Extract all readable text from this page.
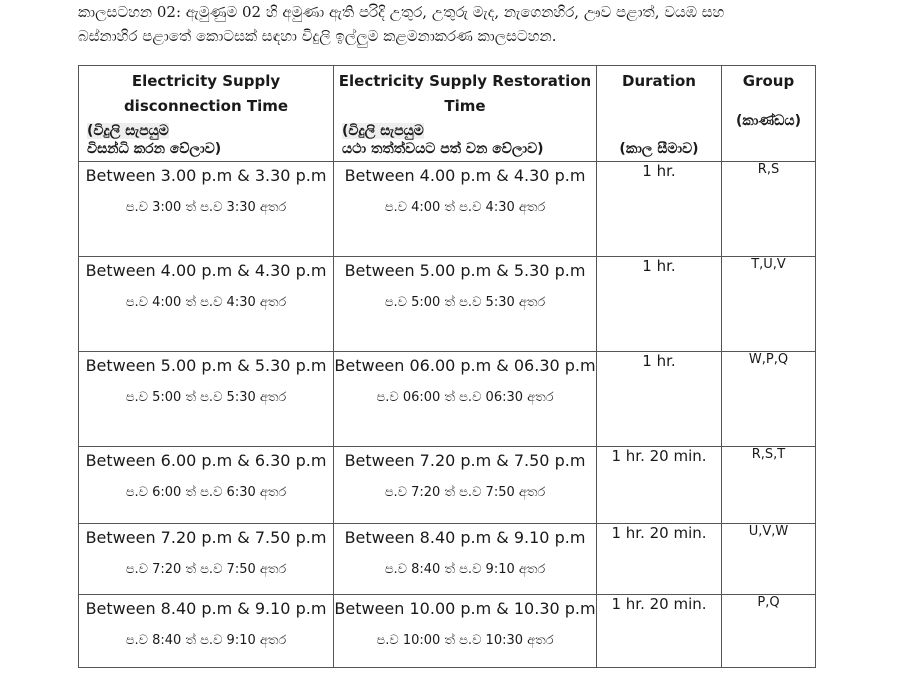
කාලසටහන 02: ඇමුණුම 02 හි අමුණා ඇති පරිදි උතුර, උතුරු මැද, නැගෙනහිර, ඌව පළාත්, වයඹ සහ

බස්නාහිර පළාතේ කොටසක් සඳහා විදුලි ඉල්ලුම කළමනාකරණ කාලසටහන.

Electricity Supply disconnection Time
(විදුලි සැපයුම
විසන්ධි කරන වේලාව)	Electricity Supply Restoration Time
(විදුලි සැපයුම
යථා තත්ත්වයට පත් වන වේලාව)	Duration
(කාල සීමාව)	Group
(කාණ්ඩය)

Between 3.00 p.m & 3.30 p.m
ප.ව 3:00 ත් ප.ව 3:30 අතර	Between 4.00 p.m & 4.30 p.m
ප.ව 4:00 ත් ප.ව 4:30 අතර	1 hr.	R,S

Between 4.00 p.m & 4.30 p.m
ප.ව 4:00 ත් ප.ව 4:30 අතර	Between 5.00 p.m & 5.30 p.m
ප.ව 5:00 ත් ප.ව 5:30 අතර	1 hr.	T,U,V

Between 5.00 p.m & 5.30 p.m
ප.ව 5:00 ත් ප.ව 5:30 අතර	Between 06.00 p.m & 06.30 p.m
ප.ව 06:00 ත් ප.ව 06:30 අතර	1 hr.	W,P,Q

Between 6.00 p.m & 6.30 p.m
ප.ව 6:00 ත් ප.ව 6:30 අතර	Between 7.20 p.m & 7.50 p.m
ප.ව 7:20 ත් ප.ව 7:50 අතර	1 hr. 20 min.	R,S,T

Between 7.20 p.m & 7.50 p.m
ප.ව 7:20 ත් ප.ව 7:50 අතර	Between 8.40 p.m & 9.10 p.m
ප.ව 8:40 ත් ප.ව 9:10 අතර	1 hr. 20 min.	U,V,W

Between 8.40 p.m & 9.10 p.m
ප.ව 8:40 ත් ප.ව 9:10 අතර	Between 10.00 p.m & 10.30 p.m
ප.ව 10:00 ත් ප.ව 10:30 අතර	1 hr. 20 min.	P,Q
